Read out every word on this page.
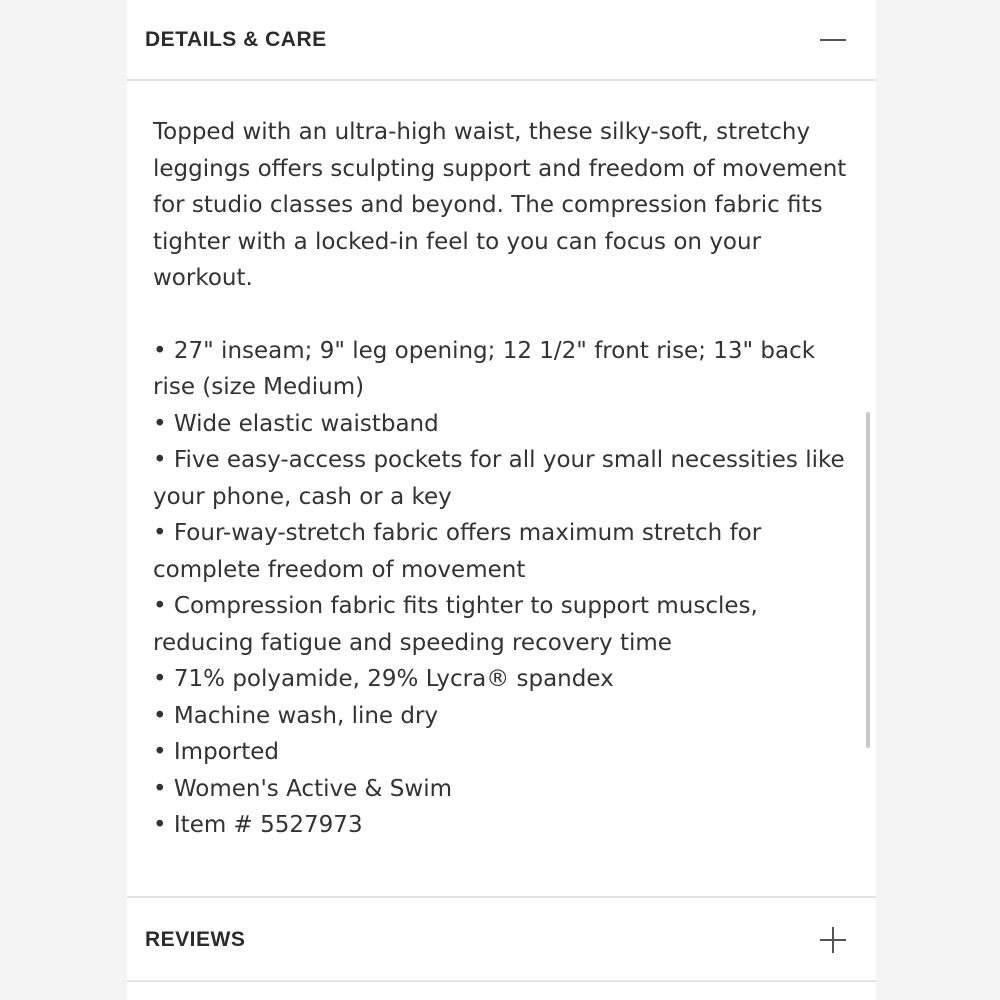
DETAILS & CARE

Topped with an ultra-high waist, these silky-soft, stretchy leggings offers sculpting support and freedom of movement for studio classes and beyond. The compression fabric fits tighter with a locked-in feel to you can focus on your workout.

• 27" inseam; 9" leg opening; 12 1/2" front rise; 13" back rise (size Medium)
• Wide elastic waistband
• Five easy-access pockets for all your small necessities like your phone, cash or a key
• Four-way-stretch fabric offers maximum stretch for complete freedom of movement
• Compression fabric fits tighter to support muscles, reducing fatigue and speeding recovery time
• 71% polyamide, 29% Lycra® spandex
• Machine wash, line dry
• Imported
• Women's Active & Swim
• Item # 5527973
REVIEWS
